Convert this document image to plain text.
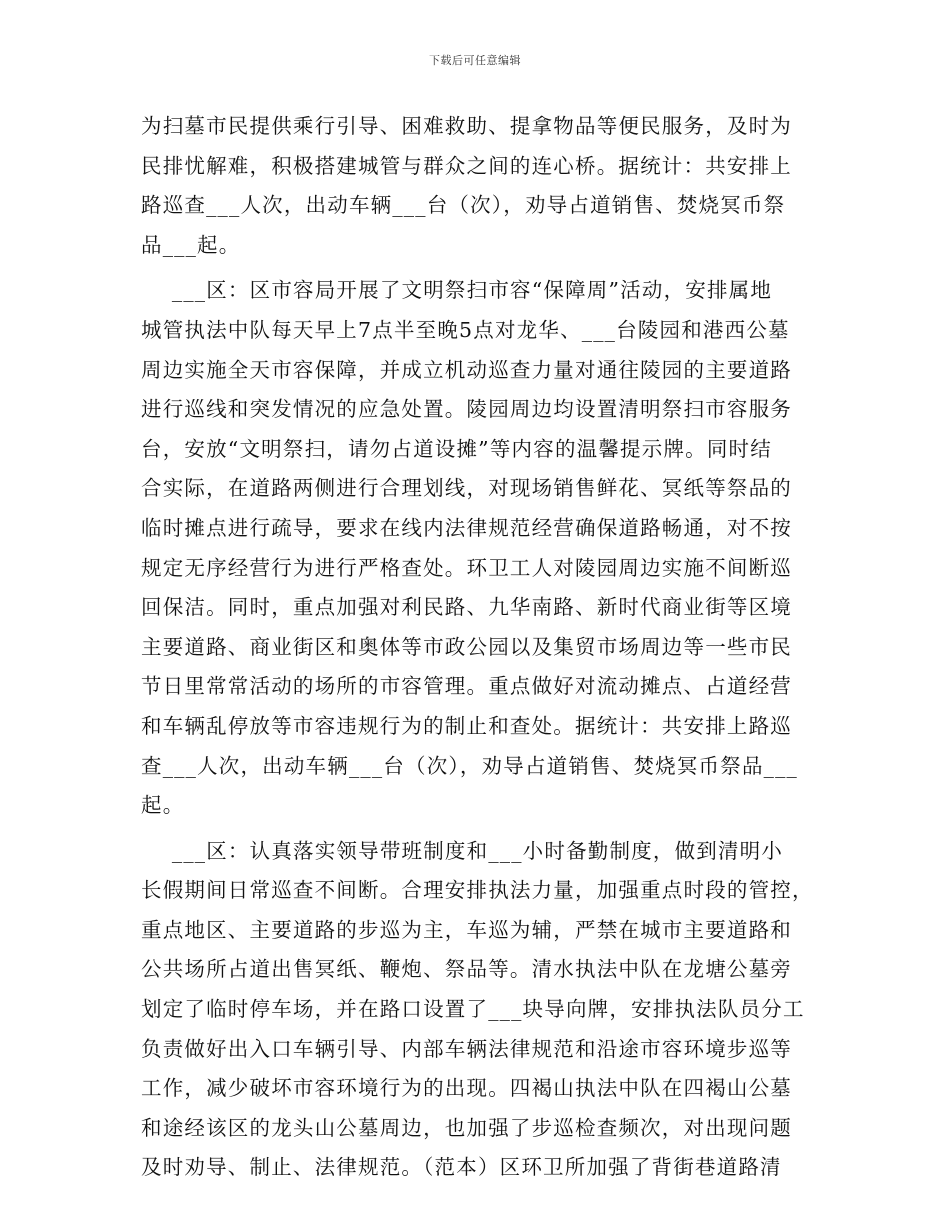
下载后可任意编辑
为扫墓市民提供乘行引导、困难救助、提拿物品等便民服务，及时为
民排忧解难，积极搭建城管与群众之间的连心桥。据统计：共安排上
路巡查___人次，出动车辆___台（次），劝导占道销售、焚烧冥币祭
品___起。
___区：区市容局开展了文明祭扫市容“保障周”活动，安排属地
城管执法中队每天早上7点半至晚5点对龙华、___台陵园和港西公墓
周边实施全天市容保障，并成立机动巡查力量对通往陵园的主要道路
进行巡线和突发情况的应急处置。陵园周边均设置清明祭扫市容服务
台，安放“文明祭扫，请勿占道设摊”等内容的温馨提示牌。同时结
合实际，在道路两侧进行合理划线，对现场销售鲜花、冥纸等祭品的
临时摊点进行疏导，要求在线内法律规范经营确保道路畅通，对不按
规定无序经营行为进行严格查处。环卫工人对陵园周边实施不间断巡
回保洁。同时，重点加强对利民路、九华南路、新时代商业街等区境
主要道路、商业街区和奥体等市政公园以及集贸市场周边等一些市民
节日里常常活动的场所的市容管理。重点做好对流动摊点、占道经营
和车辆乱停放等市容违规行为的制止和查处。据统计：共安排上路巡
查___人次，出动车辆___台（次），劝导占道销售、焚烧冥币祭品___
起。
___区：认真落实领导带班制度和___小时备勤制度，做到清明小
长假期间日常巡查不间断。合理安排执法力量，加强重点时段的管控，
重点地区、主要道路的步巡为主，车巡为辅，严禁在城市主要道路和
公共场所占道出售冥纸、鞭炮、祭品等。清水执法中队在龙塘公墓旁
划定了临时停车场，并在路口设置了___块导向牌，安排执法队员分工
负责做好出入口车辆引导、内部车辆法律规范和沿途市容环境步巡等
工作，减少破坏市容环境行为的出现。四褐山执法中队在四褐山公墓
和途经该区的龙头山公墓周边，也加强了步巡检查频次，对出现问题
及时劝导、制止、法律规范。（范本）区环卫所加强了背街巷道路清
